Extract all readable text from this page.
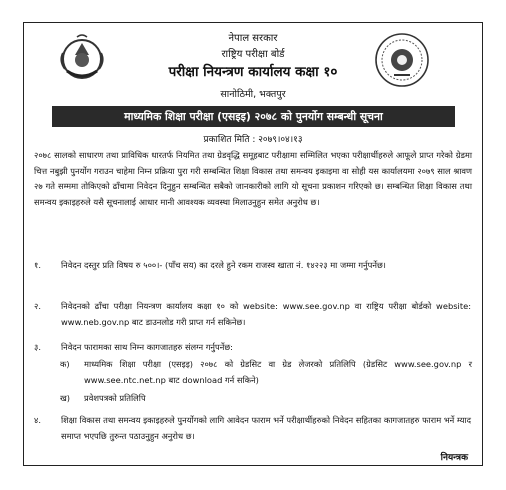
नेपाल सरकार
राष्ट्रिय परीक्षा बोर्ड
परीक्षा नियन्त्रण कार्यालय कक्षा १०
सानोठिमी, भक्तपुर
माध्यमिक शिक्षा परीक्षा (एसइइ) २०७८ को पुनर्योग सम्बन्धी सूचना
प्रकाशित मिति : २०७९।०४।१३
२०७८ सालको साधारण तथा प्राविधिक धारतर्फ नियमित तथा ग्रेडवृद्धि समूहबाट परीक्षामा सम्मिलित भएका परीक्षार्थीहरुले आफूले प्राप्त गरेको ग्रेडमा चित्त नबुझी पुनर्योग गराउन चाहेमा निम्न प्रक्रिया पुरा गरी सम्बन्धित शिक्षा विकास तथा समन्वय इकाइमा वा सोही यस कार्यालयमा २०७९ साल श्रावण २७ गते सम्ममा तोकिएको ढाँचामा निवेदन दिनुहुन सम्बन्धित सबैको जानकारीको लागि यो सूचना प्रकाशन गरिएको छ। सम्बन्धित शिक्षा विकास तथा समन्वय इकाइहरुले यसै सूचनालाई आधार मानी आवश्यक व्यवस्था मिलाउनुहुन समेत अनुरोध छ।
१.	निवेदन दस्तुर प्रति विषय रु ५००।- (पाँच सय) का दरले हुने रकम राजस्व खाता नं. १४२२३ मा जम्मा गर्नुपर्नेछ।
२.	निवेदनको ढाँचा परीक्षा नियन्त्रण कार्यालय कक्षा १० को website: www.see.gov.np वा राष्ट्रिय परीक्षा बोर्डको website: www.neb.gov.np बाट डाउनलोड गरी प्राप्त गर्न सकिनेछ।
३.	निवेदन फारामका साथ निम्न कागजातहरु संलग्न गर्नुपर्नेछ:
क) माध्यमिक शिक्षा परीक्षा (एसइइ) २०७८ को ग्रेडसिट वा ग्रेड लेजरको प्रतिलिपि (ग्रेडसिट www.see.gov.np र www.see.ntc.net.np बाट download गर्न सकिने)
ख) प्रवेशपत्रको प्रतिलिपि
४.	शिक्षा विकास तथा समन्वय इकाइहरुले पुनर्योगको लागि आवेदन फाराम भर्ने परीक्षार्थीहरुको निवेदन सहितका कागजातहरु फाराम भर्ने म्याद समाप्त भएपछि तुरुन्त पठाउनुहुन अनुरोध छ।
नियन्त्रक
